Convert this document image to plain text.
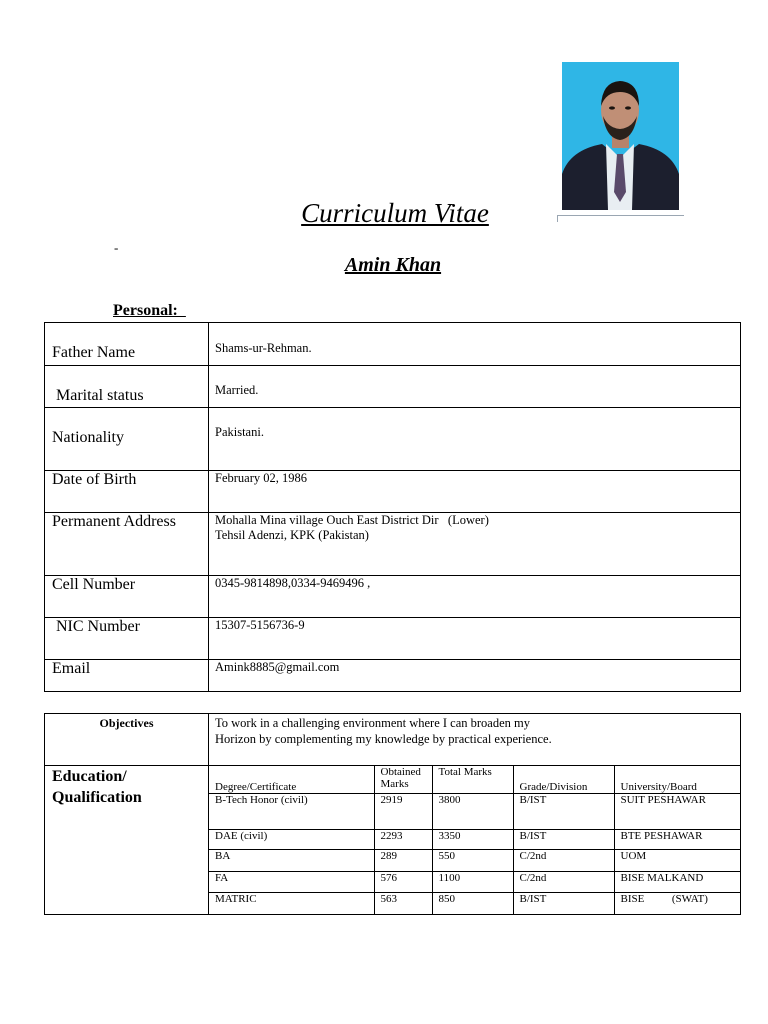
Curriculum Vitae
-
Amin Khan
Personal:
Father Name	Shams-ur-Rehman.

Marital status	Married.

Nationality	Pakistani.

Date of Birth	February 02, 1986

Permanent Address	Mohalla Mina village Ouch East District Dir   (Lower)
Tehsil Adenzi, KPK (Pakistan)

Cell Number	0345-9814898,0334-9469496 ,

NIC Number	15307-5156736-9

Email	Amink8885@gmail.com
Objectives	To work in a challenging environment where I can broaden my
Horizon by complementing my knowledge by practical experience.
Education/
Qualification
Degree/Certificate	Obtained Marks	Total Marks	Grade/Division	University/Board
B-Tech Honor (civil)	2919	3800	B/IST	SUIT PESHAWAR
DAE (civil)	2293	3350	B/IST	BTE PESHAWAR
BA	289	550	C/2nd	UOM
FA	576	1100	C/2nd	BISE MALKAND
MATRIC	563	850	B/IST	BISE          (SWAT)
